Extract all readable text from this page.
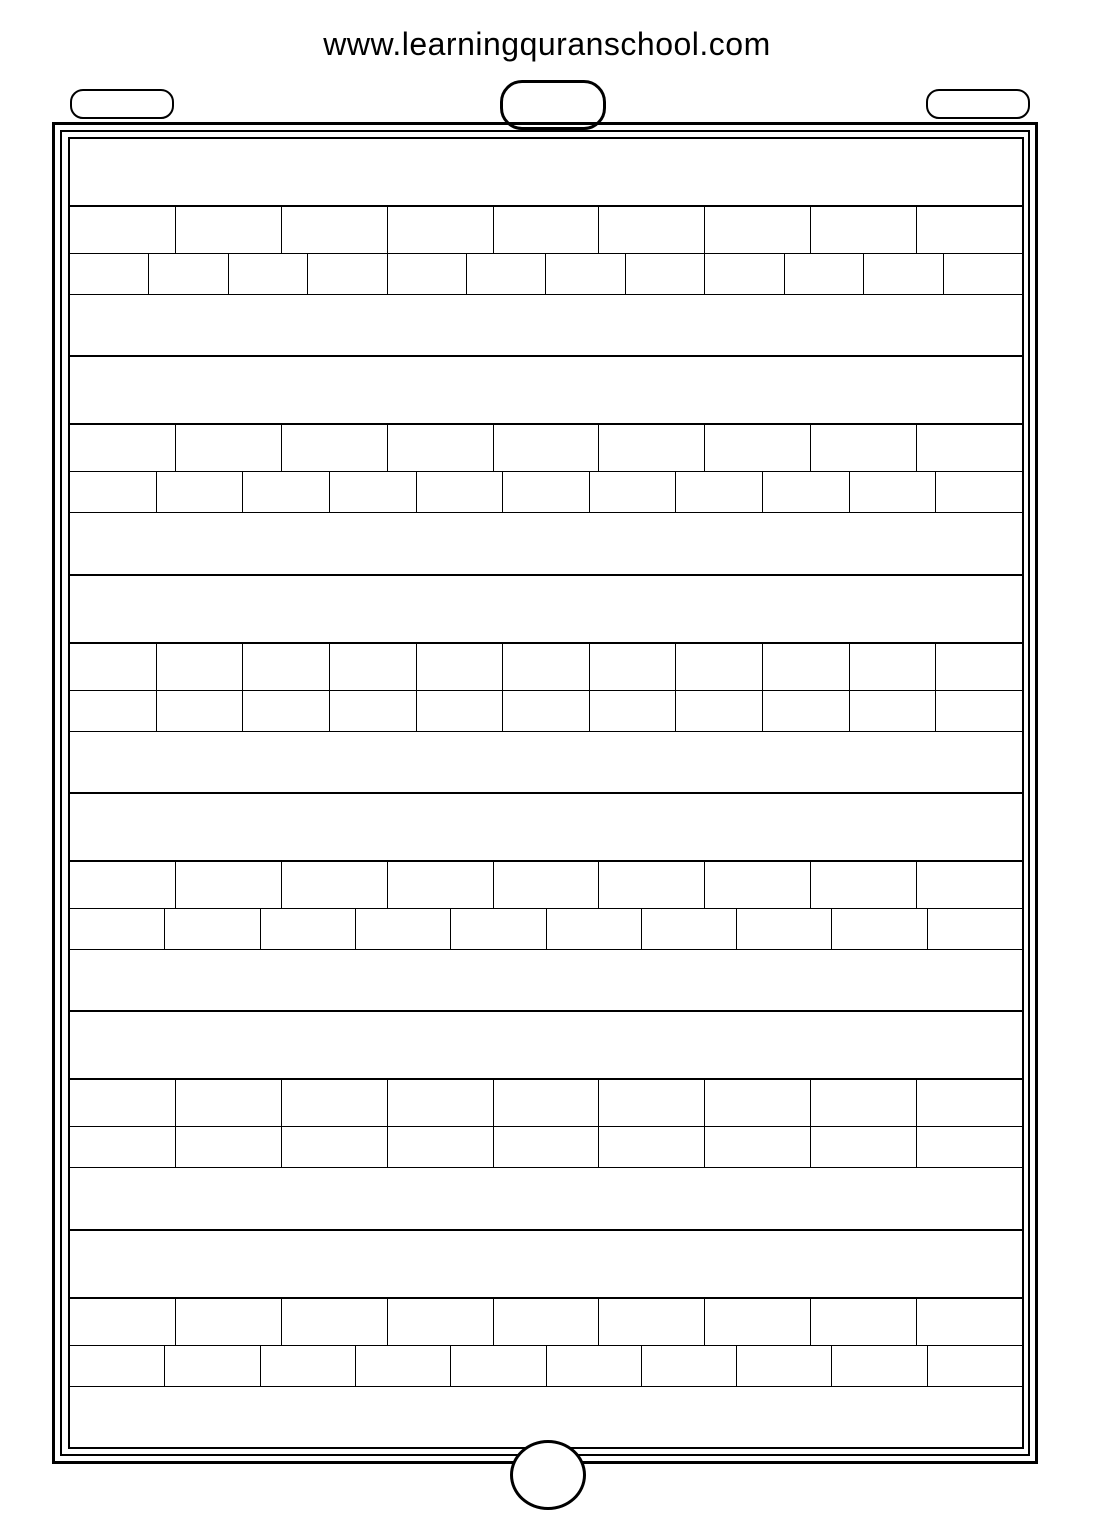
www.learningquranschool.com
